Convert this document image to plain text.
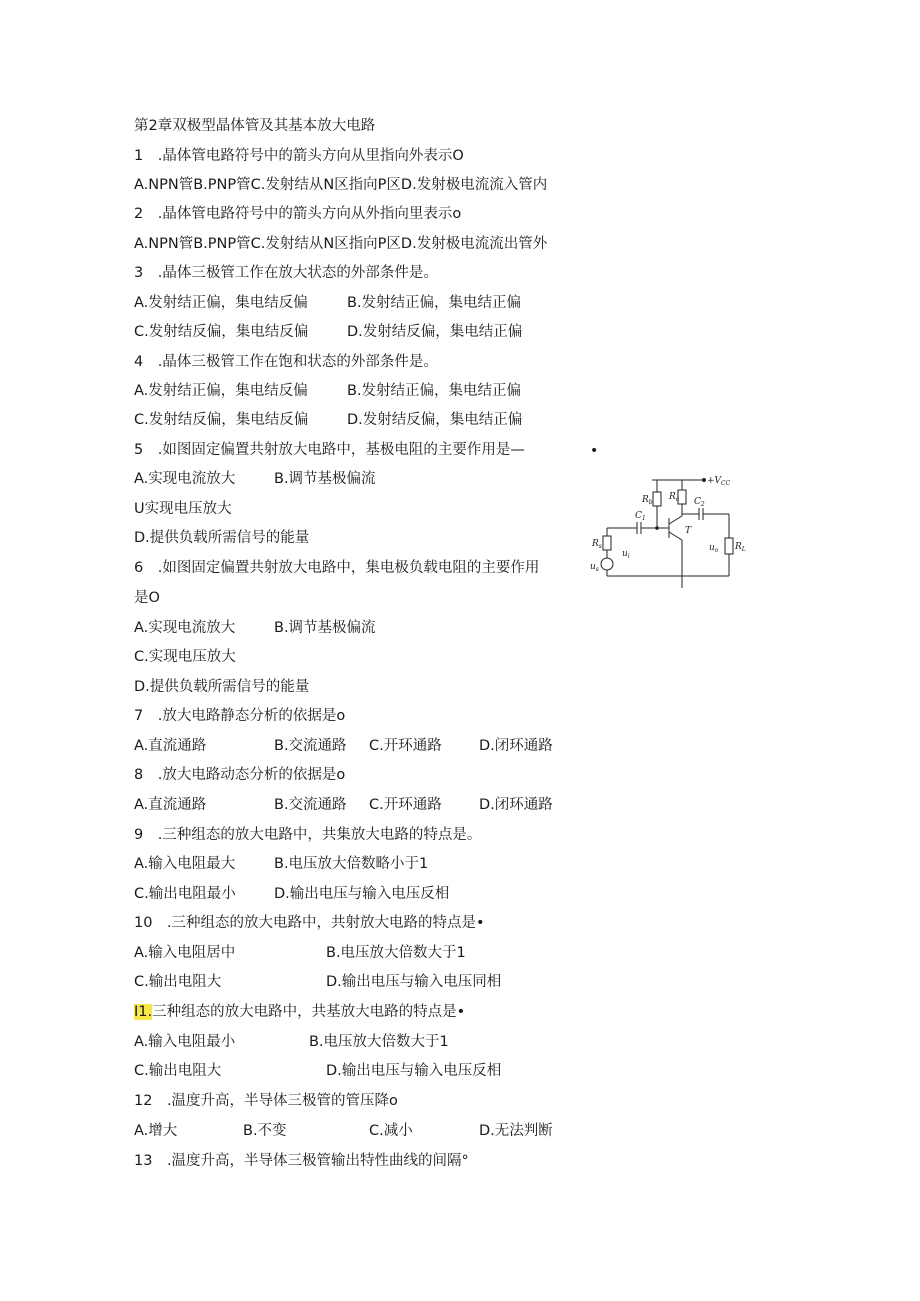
第2章双极型晶体管及其基本放大电路
1　.晶体管电路符号中的箭头方向从里指向外表示O
A.NPN管B.PNP管C.发射结从N区指向P区D.发射极电流流入管内
2　.晶体管电路符号中的箭头方向从外指向里表示o
A.NPN管B.PNP管C.发射结从N区指向P区D.发射极电流流出管外
3　.晶体三极管工作在放大状态的外部条件是。
A.发射结正偏，集电结反偏	B.发射结正偏，集电结正偏
C.发射结反偏，集电结反偏	D.发射结反偏，集电结正偏
4　.晶体三极管工作在饱和状态的外部条件是。
A.发射结正偏，集电结反偏	B.发射结正偏，集电结正偏
C.发射结反偏，集电结反偏	D.发射结反偏，集电结正偏
5　.如图固定偏置共射放大电路中，基极电阻的主要作用是—	•
A.实现电流放大	B.调节基极偏流
U实现电压放大
D.提供负载所需信号的能量
6　.如图固定偏置共射放大电路中，集电极负载电阻的主要作用
是O
A.实现电流放大	B.调节基极偏流
C.实现电压放大
D.提供负载所需信号的能量
7　.放大电路静态分析的依据是o
A.直流通路	B.交流通路 C.开环通路	D.闭环通路
8　.放大电路动态分析的依据是o
A.直流通路	B.交流通路 C.开环通路	D.闭环通路
9　.三种组态的放大电路中，共集放大电路的特点是。
A.输入电阻最大	B.电压放大倍数略小于1
C.输出电阻最小	D.输出电压与输入电压反相
10　.三种组态的放大电路中，共射放大电路的特点是•
A.输入电阻居中	B.电压放大倍数大于1
C.输出电阻大	D.输出电压与输入电压同相
I1.三种组态的放大电路中，共基放大电路的特点是•
A.输入电阻最小	B.电压放大倍数大于1
C.输出电阻大	D.输出电压与输入电压反相
12　.温度升高，半导体三极管的管压降o
A.增大	B.不变	C.减小	D.无法判断
13　.温度升高，半导体三极管输出特性曲线的间隔°
$+V_{CC}$
$R_b$
$R_c$
$C_1$
$C_2$
T
$R_s$
$u_i$
$u_s$
$u_o$ $R_L$
